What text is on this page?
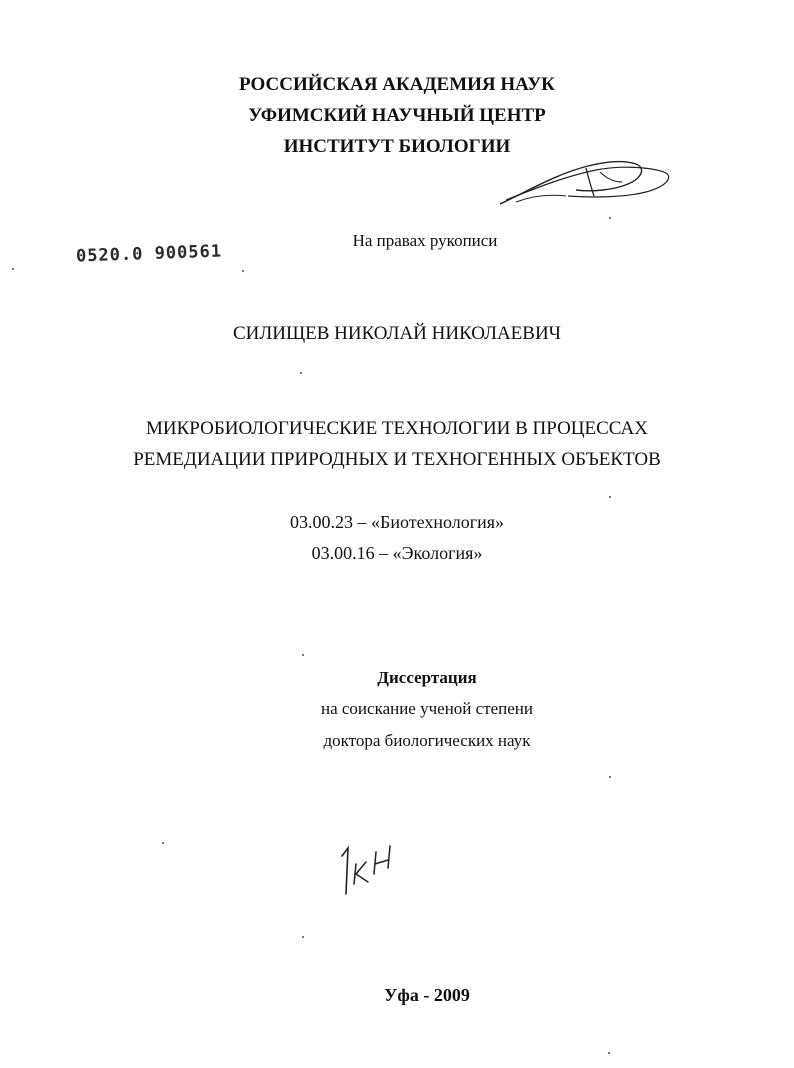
РОССИЙСКАЯ АКАДЕМИЯ НАУК
УФИМСКИЙ НАУЧНЫЙ ЦЕНТР
ИНСТИТУТ БИОЛОГИИ
0520.0 900561
На правах рукописи
СИЛИЩЕВ НИКОЛАЙ НИКОЛАЕВИЧ
МИКРОБИОЛОГИЧЕСКИЕ ТЕХНОЛОГИИ В ПРОЦЕССАХ
РЕМЕДИАЦИИ ПРИРОДНЫХ И ТЕХНОГЕННЫХ ОБЪЕКТОВ
03.00.23 – «Биотехнология»
03.00.16 – «Экология»
Диссертация
на соискание ученой степени
доктора биологических наук
Уфа - 2009
